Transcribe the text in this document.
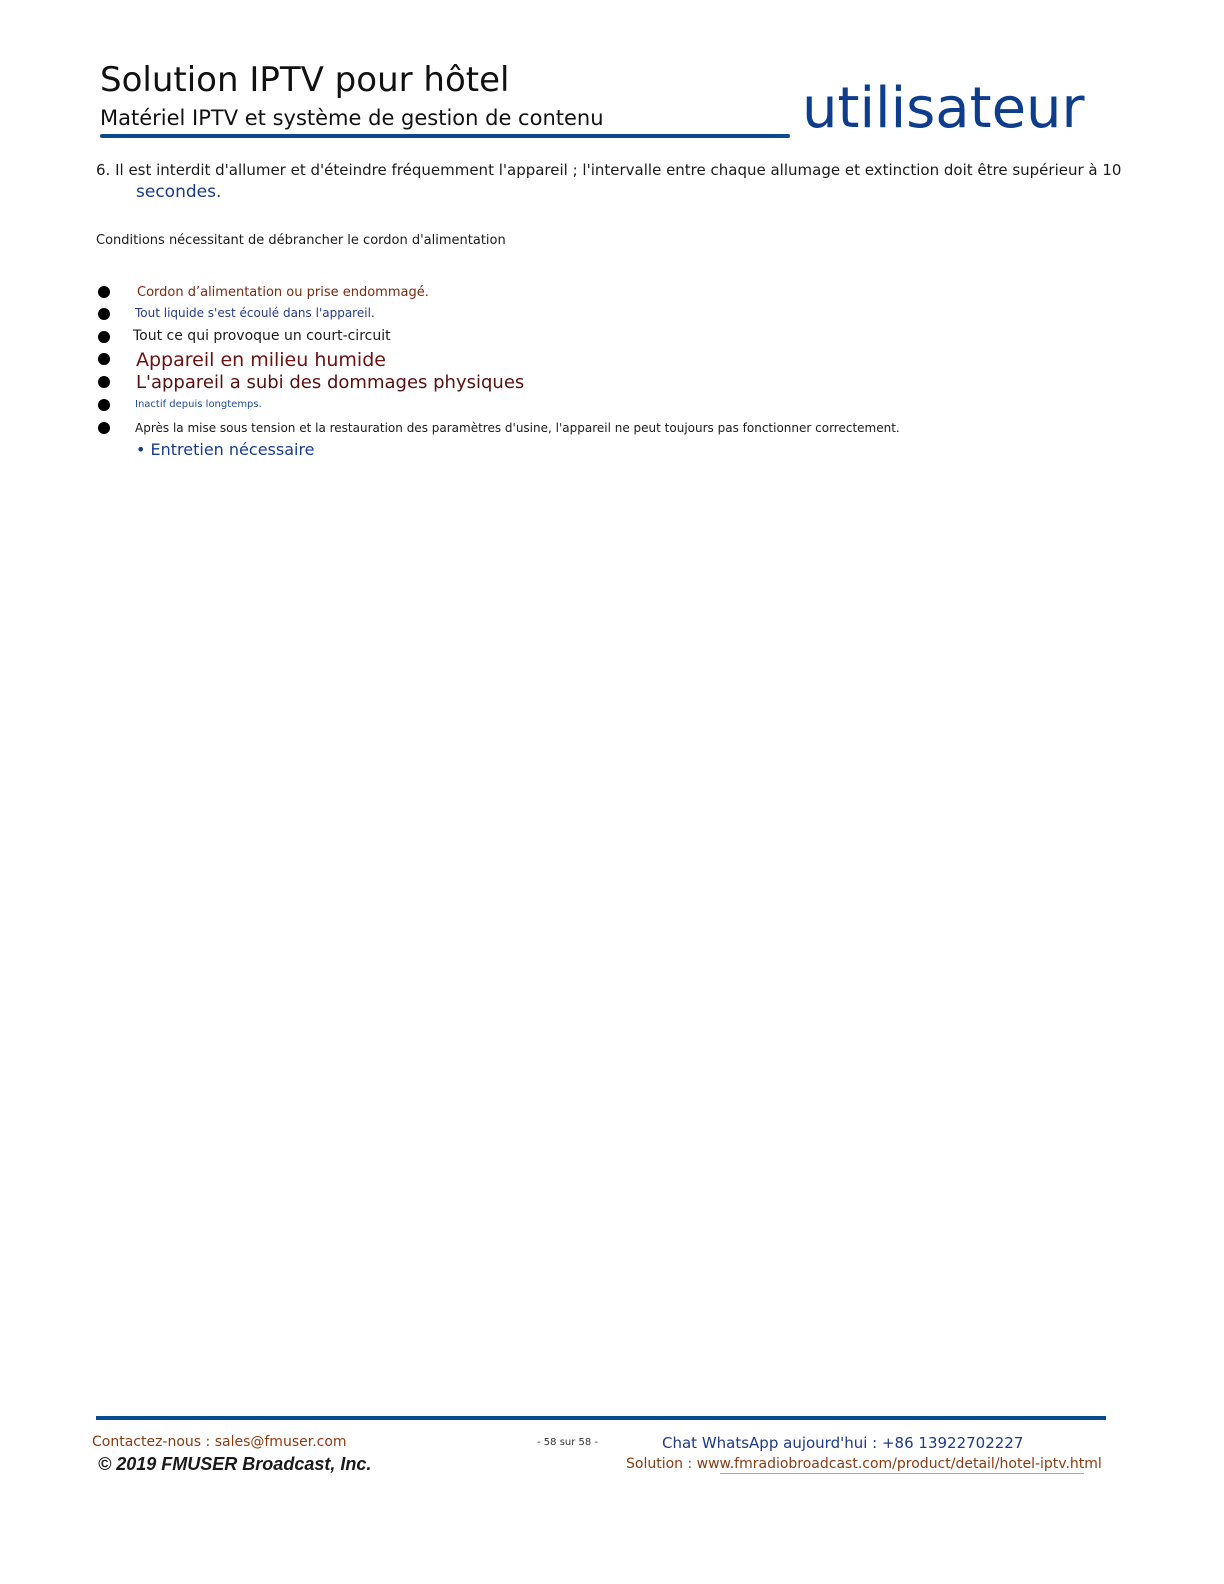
Solution IPTV pour hôtel
Matériel IPTV et système de gestion de contenu	utilisateur
6. Il est interdit d'allumer et d'éteindre fréquemment l'appareil ; l'intervalle entre chaque allumage et extinction doit être supérieur à 10
secondes.
Conditions nécessitant de débrancher le cordon d'alimentation
Cordon d’alimentation ou prise endommagé.
Tout liquide s'est écoulé dans l'appareil.
Tout ce qui provoque un court-circuit
Appareil en milieu humide
L'appareil a subi des dommages physiques
Inactif depuis longtemps.
Après la mise sous tension et la restauration des paramètres d'usine, l'appareil ne peut toujours pas fonctionner correctement.
• Entretien nécessaire
Contactez-nous : sales@fmuser.com
© 2019 FMUSER Broadcast, Inc.
- 58 sur 58 -	Chat WhatsApp aujourd'hui : +86 13922702227
Solution : www.fmradiobroadcast.com/product/detail/hotel-iptv.html
